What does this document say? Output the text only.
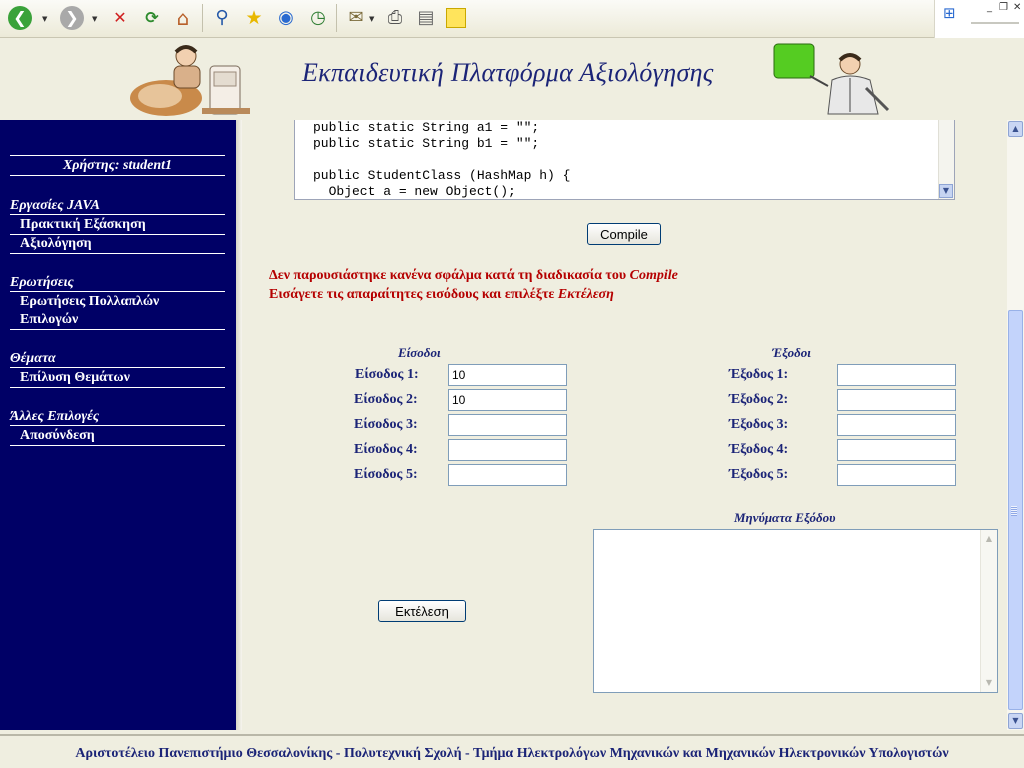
❮	▼	❯	▼ ✕	⟳ ⌂	⚲ ★ ◉ ◷ ✉ ▼ ⎙ ▤	▭	⊞	_ ❐ ✕
Εκπαιδευτική Πλατφόρμα Αξιολόγησης
Χρήστης: student1
Εργασίες JAVA
Πρακτική Εξάσκηση
Αξιολόγηση
Ερωτήσεις
Ερωτήσεις Πολλαπλών
Επιλογών
Θέματα
Επίλυση Θεμάτων
Άλλες Επιλογές
Αποσύνδεση
public static String a1 = "";
public static String b1 = "";

public StudentClass (HashMap h) {
Object a = new Object();	▼
Compile
Δεν παρουσιάστηκε κανένα σφάλμα κατά τη διαδικασία του Compile
Εισάγετε τις απαραίτητες εισόδους και επιλέξτε Εκτέλεση
Είσοδοι
Είσοδος 1:
10
Είσοδος 2:
10
Είσοδος 3:
Είσοδος 4:
Είσοδος 5:
Έξοδοι
Έξοδος 1:
Έξοδος 2:
Έξοδος 3:
Έξοδος 4:
Έξοδος 5:
Μηνύματα Εξόδου
▲
▼
Εκτέλεση
▲
▼
Αριστοτέλειο Πανεπιστήμιο Θεσσαλονίκης - Πολυτεχνική Σχολή - Τμήμα Ηλεκτρολόγων Μηχανικών και Μηχανικών Ηλεκτρονικών Υπολογιστών
